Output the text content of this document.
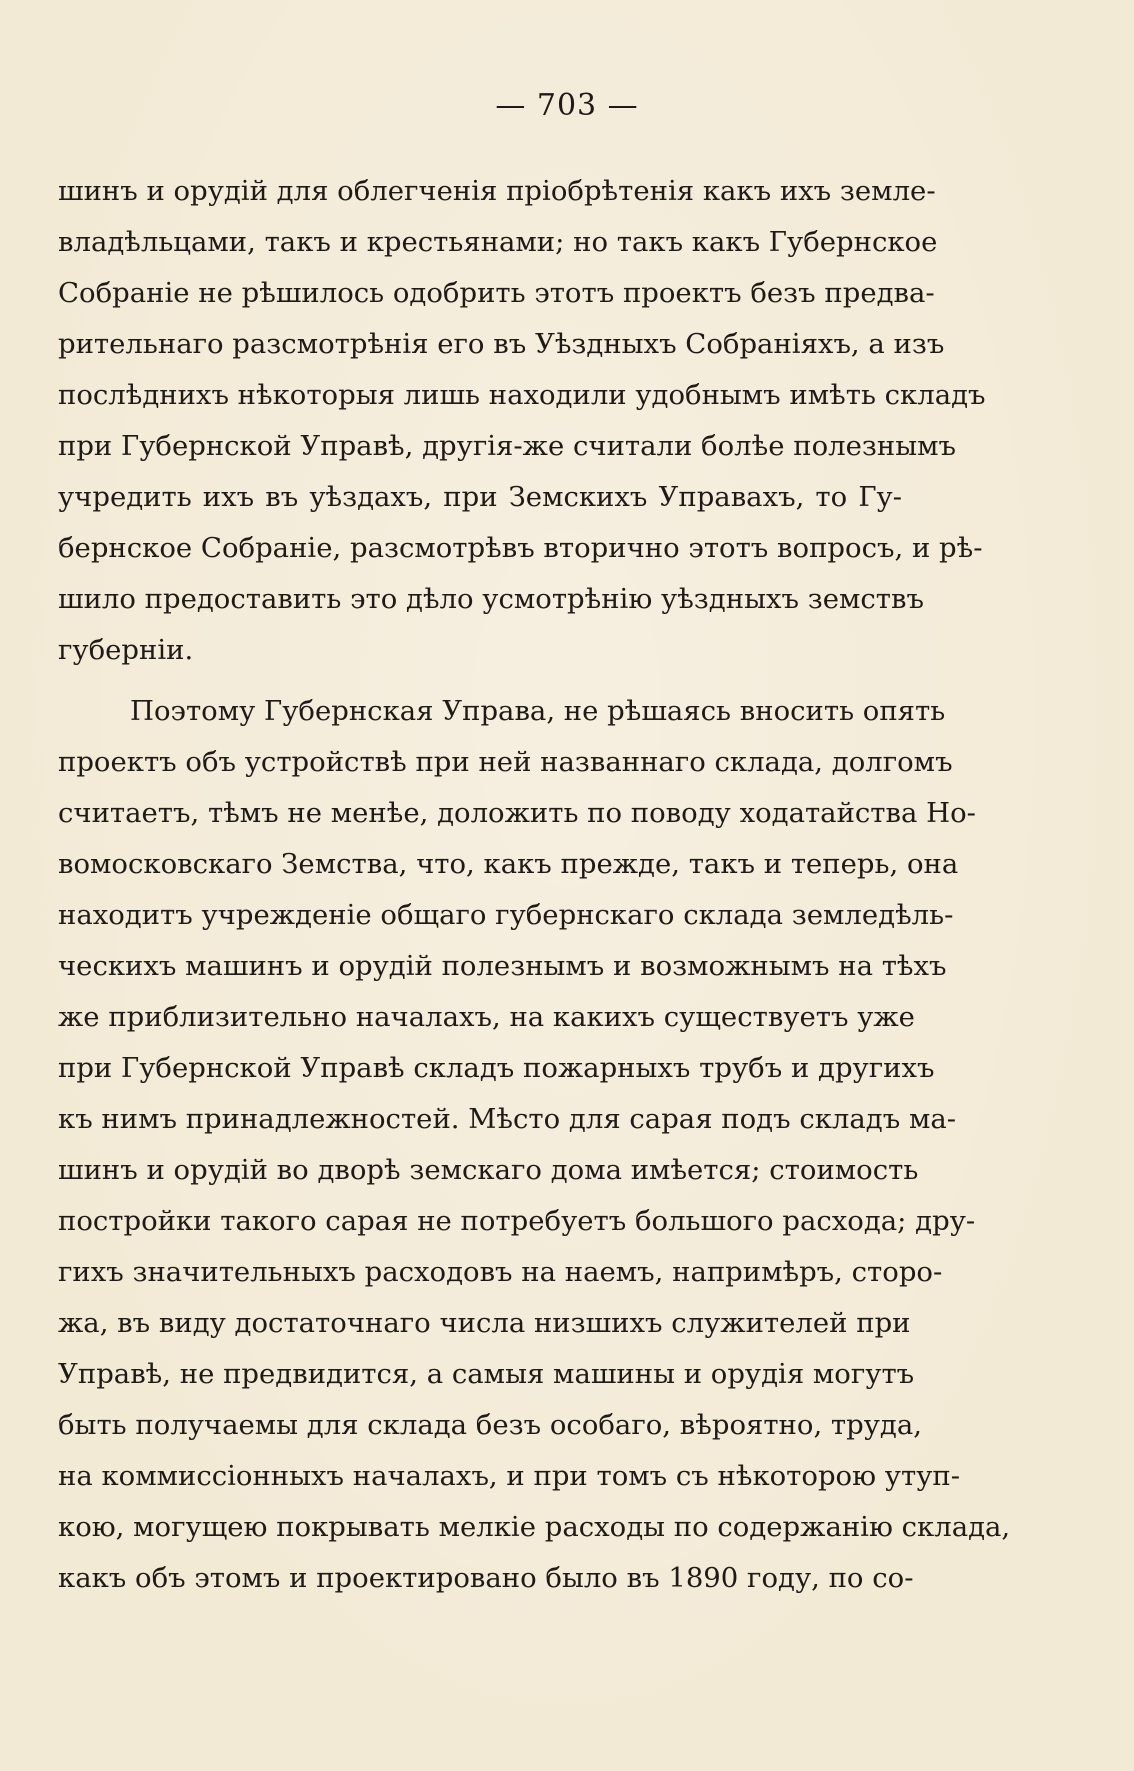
— 703 —
шинъ и орудій для облегченія пріобрѣтенія какъ ихъ земле-
владѣльцами, такъ и крестьянами; но такъ какъ Губернское
Собраніе не рѣшилось одобрить этотъ проектъ безъ предва-
рительнаго разсмотрѣнія его въ Уѣздныхъ Собраніяхъ, а изъ
послѣднихъ нѣкоторыя лишь находили удобнымъ имѣть складъ
при Губернской Управѣ, другія-же считали болѣе полезнымъ
учредить ихъ въ уѣздахъ, при Земскихъ Управахъ, то Гу-
бернское Собраніе, разсмотрѣвъ вторично этотъ вопросъ, и рѣ-
шило предоставить это дѣло усмотрѣнію уѣздныхъ земствъ
губерніи.
Поэтому Губернская Управа, не рѣшаясь вносить опять
проектъ объ устройствѣ при ней названнаго склада, долгомъ
считаетъ, тѣмъ не менѣе, доложить по поводу ходатайства Но-
вомосковскаго Земства, что, какъ прежде, такъ и теперь, она
находитъ учрежденіе общаго губернскаго склада земледѣль-
ческихъ машинъ и орудій полезнымъ и возможнымъ на тѣхъ
же приблизительно началахъ, на какихъ существуетъ уже
при Губернской Управѣ складъ пожарныхъ трубъ и другихъ
къ нимъ принадлежностей. Мѣсто для сарая подъ складъ ма-
шинъ и орудій во дворѣ земскаго дома имѣется; стоимость
постройки такого сарая не потребуетъ большого расхода; дру-
гихъ значительныхъ расходовъ на наемъ, напримѣръ, сторо-
жа, въ виду достаточнаго числа низшихъ служителей при
Управѣ, не предвидится, а самыя машины и орудія могутъ
быть получаемы для склада безъ особаго, вѣроятно, труда,
на коммиссіонныхъ началахъ, и при томъ съ нѣкоторою утуп-
кою, могущею покрывать мелкіе расходы по содержанію склада,
какъ объ этомъ и проектировано было въ 1890 году, по со-
